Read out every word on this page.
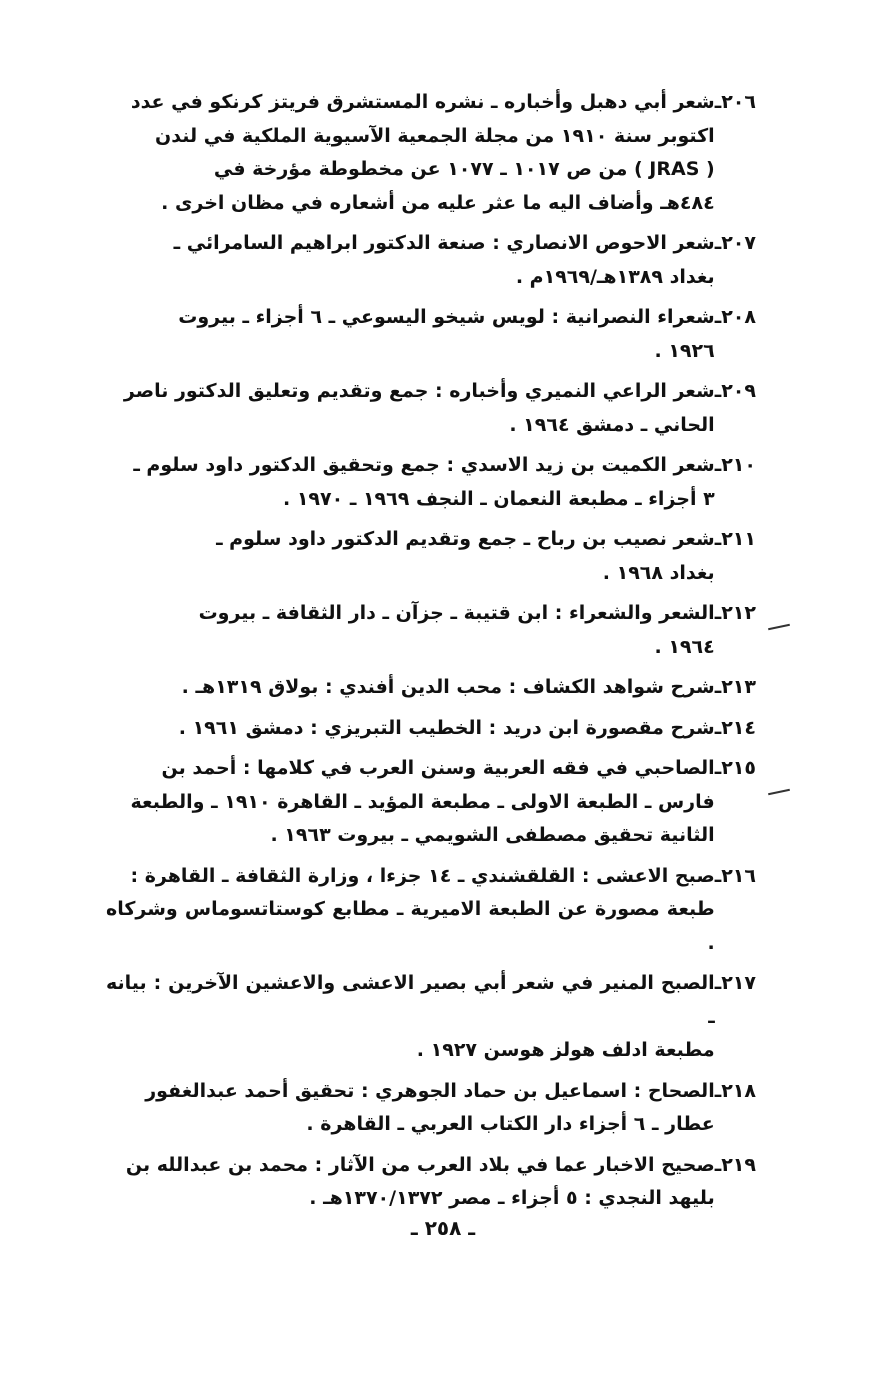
٢٠٦ـ
شعر أبي دهبل وأخباره ـ نشره المستشرق فريتز كرنكو في عدد
اكتوبر سنة ١٩١٠ من مجلة الجمعية الآسيوية الملكية في لندن
( JRAS ) من ص ١٠١٧ ـ ١٠٧٧ عن مخطوطة مؤرخة في
٤٨٤هـ وأضاف اليه ما عثر عليه من أشعاره في مظان اخرى .
٢٠٧ـ
شعر الاحوص الانصاري : صنعة الدكتور ابراهيم السامرائي ـ
بغداد ١٣٨٩هـ/١٩٦٩م .
٢٠٨ـ
شعراء النصرانية : لويس شيخو اليسوعي ـ ٦ أجزاء ـ بيروت
١٩٢٦ .
٢٠٩ـ
شعر الراعي النميري وأخباره : جمع وتقديم وتعليق الدكتور ناصر
الحاني ـ دمشق ١٩٦٤ .
٢١٠ـ
شعر الكميت بن زيد الاسدي : جمع وتحقيق الدكتور داود سلوم ـ
٣ أجزاء ـ مطبعة النعمان ـ النجف ١٩٦٩ ـ ١٩٧٠ .
٢١١ـ
شعر نصيب بن رباح ـ جمع وتقديم الدكتور داود سلوم ـ
بغداد ١٩٦٨ .
٢١٢ـ
الشعر والشعراء : ابن قتيبة ـ جزآن ـ دار الثقافة ـ بيروت
١٩٦٤ .
٢١٣ـ
شرح شواهد الكشاف : محب الدين أفندي : بولاق ١٣١٩هـ .
٢١٤ـ
شرح مقصورة ابن دريد : الخطيب التبريزي : دمشق ١٩٦١ .
٢١٥ـ
الصاحبي في فقه العربية وسنن العرب في كلامها : أحمد بن
فارس ـ الطبعة الاولى ـ مطبعة المؤيد ـ القاهرة ١٩١٠ ـ والطبعة
الثانية تحقيق مصطفى الشويمي ـ بيروت ١٩٦٣ .
٢١٦ـ
صبح الاعشى : القلقشندي ـ ١٤ جزءا ، وزارة الثقافة ـ القاهرة :
طبعة مصورة عن الطبعة الاميرية ـ مطابع كوستاتسوماس وشركاه .
٢١٧ـ
الصبح المنير في شعر أبي بصير الاعشى والاعشين الآخرين : بيانه ـ
مطبعة ادلف هولز هوسن ١٩٢٧ .
٢١٨ـ
الصحاح : اسماعيل بن حماد الجوهري : تحقيق أحمد عبدالغفور
عطار ـ ٦ أجزاء دار الكتاب العربي ـ القاهرة .
٢١٩ـ
صحيح الاخبار عما في بلاد العرب من الآثار : محمد بن عبدالله بن
بليهد النجدي : ٥ أجزاء ـ مصر ١٣٧٠/١٣٧٢هـ .
ـ ٢٥٨ ـ
